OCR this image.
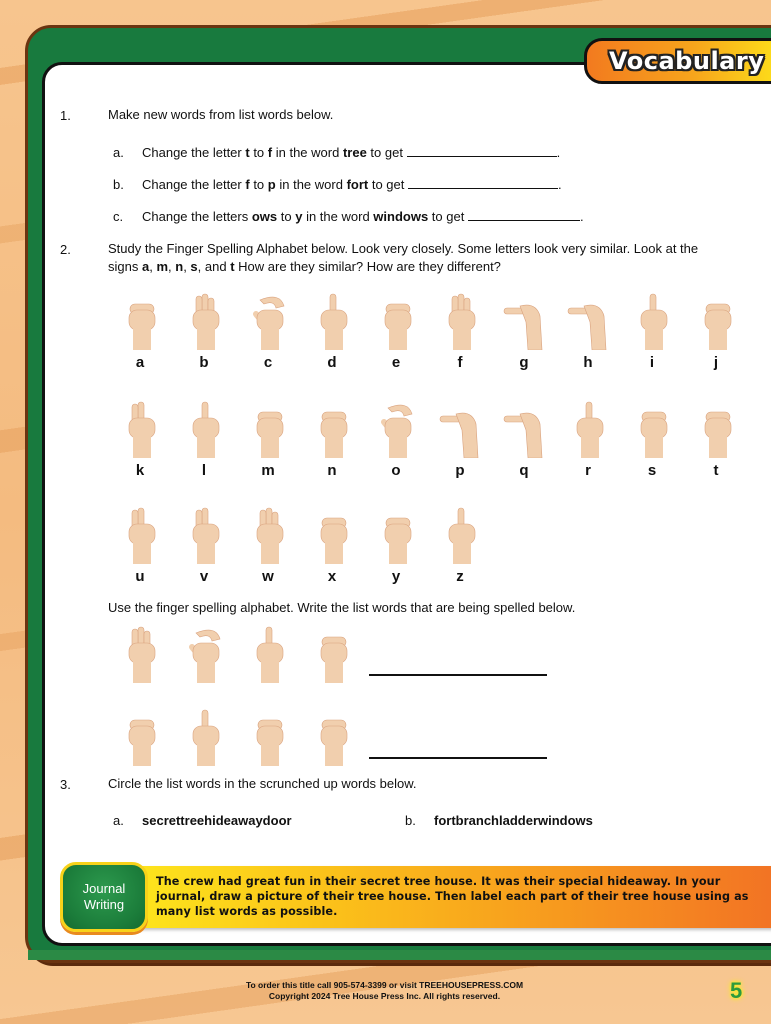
Vocabulary
1.	Make new words from list words below.
a. Change the letter t to f in the word tree to get	.
b. Change the letter f to p in the word fort to get	.
c. Change the letters ows to y in the word windows to get	.
2.	Study the Finger Spelling Alphabet below. Look very closely. Some letters look very similar. Look at the
signs a, m, n, s, and t How are they similar? How are they different?
a	b	c	d	e	f	g	h	i	j
k	l	m	n	o	p	q	r	s	t
u	v	w	x	y	z
Use the finger spelling alphabet. Write the list words that are being spelled below.
3.	Circle the list words in the scrunched up words below.
a. secrettreehideawaydoor	b. fortbranchladderwindows
The crew had great fun in their secret tree house. It was their special hideaway. In your journal, draw a picture of their tree house. Then label each part of their tree house using as many list words as possible.
Journal
Writing
To order this title call 905-574-3399 or visit TREEHOUSEPRESS.COM
Copyright 2024 Tree House Press Inc. All rights reserved.	5
